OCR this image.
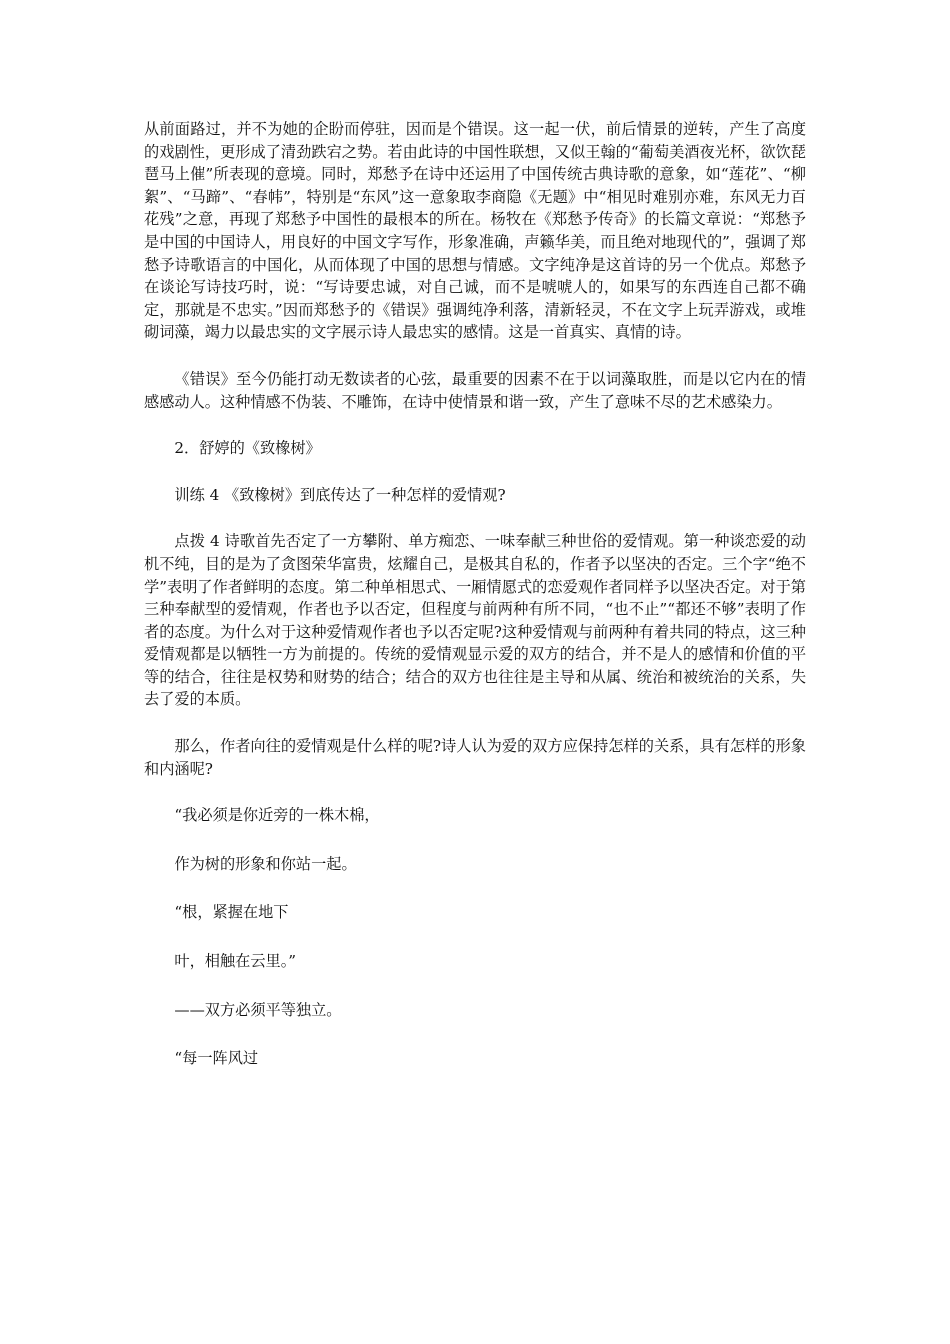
从前面路过，并不为她的企盼而停驻，因而是个错误。这一起一伏，前后情景的逆转，产生了高度的戏剧性，更形成了清劲跌宕之势。若由此诗的中国性联想，又似王翰的“葡萄美酒夜光杯，欲饮琵琶马上催”所表现的意境。同时，郑愁予在诗中还运用了中国传统古典诗歌的意象，如“莲花”、“柳絮”、“马蹄”、“春帏”，特别是“东风”这一意象取李商隐《无题》中“相见时难别亦难，东风无力百花残”之意，再现了郑愁予中国性的最根本的所在。杨牧在《郑愁予传奇》的长篇文章说：“郑愁予是中国的中国诗人，用良好的中国文字写作，形象准确，声籁华美，而且绝对地现代的”，强调了郑愁予诗歌语言的中国化，从而体现了中国的思想与情感。文字纯净是这首诗的另一个优点。郑愁予在谈论写诗技巧时，说：“写诗要忠诚，对自己诚，而不是唬唬人的，如果写的东西连自己都不确定，那就是不忠实。”因而郑愁予的《错误》强调纯净利落，清新轻灵，不在文字上玩弄游戏，或堆砌词藻，竭力以最忠实的文字展示诗人最忠实的感情。这是一首真实、真情的诗。

《错误》至今仍能打动无数读者的心弦，最重要的因素不在于以词藻取胜，而是以它内在的情感感动人。这种情感不伪装、不雕饰，在诗中使情景和谐一致，产生了意味不尽的艺术感染力。

2．舒婷的《致橡树》

训练 4 《致橡树》到底传达了一种怎样的爱情观?

点拨 4 诗歌首先否定了一方攀附、单方痴恋、一味奉献三种世俗的爱情观。第一种谈恋爱的动机不纯，目的是为了贪图荣华富贵，炫耀自己，是极其自私的，作者予以坚决的否定。三个字“绝不学”表明了作者鲜明的态度。第二种单相思式、一厢情愿式的恋爱观作者同样予以坚决否定。对于第三种奉献型的爱情观，作者也予以否定，但程度与前两种有所不同，“也不止”“都还不够”表明了作者的态度。为什么对于这种爱情观作者也予以否定呢?这种爱情观与前两种有着共同的特点，这三种爱情观都是以牺牲一方为前提的。传统的爱情观显示爱的双方的结合，并不是人的感情和价值的平等的结合，往往是权势和财势的结合；结合的双方也往往是主导和从属、统治和被统治的关系，失去了爱的本质。

那么，作者向往的爱情观是什么样的呢?诗人认为爱的双方应保持怎样的关系，具有怎样的形象和内涵呢?

“我必须是你近旁的一株木棉，

作为树的形象和你站一起。

“根，紧握在地下

叶，相触在云里。”

——双方必须平等独立。

“每一阵风过
